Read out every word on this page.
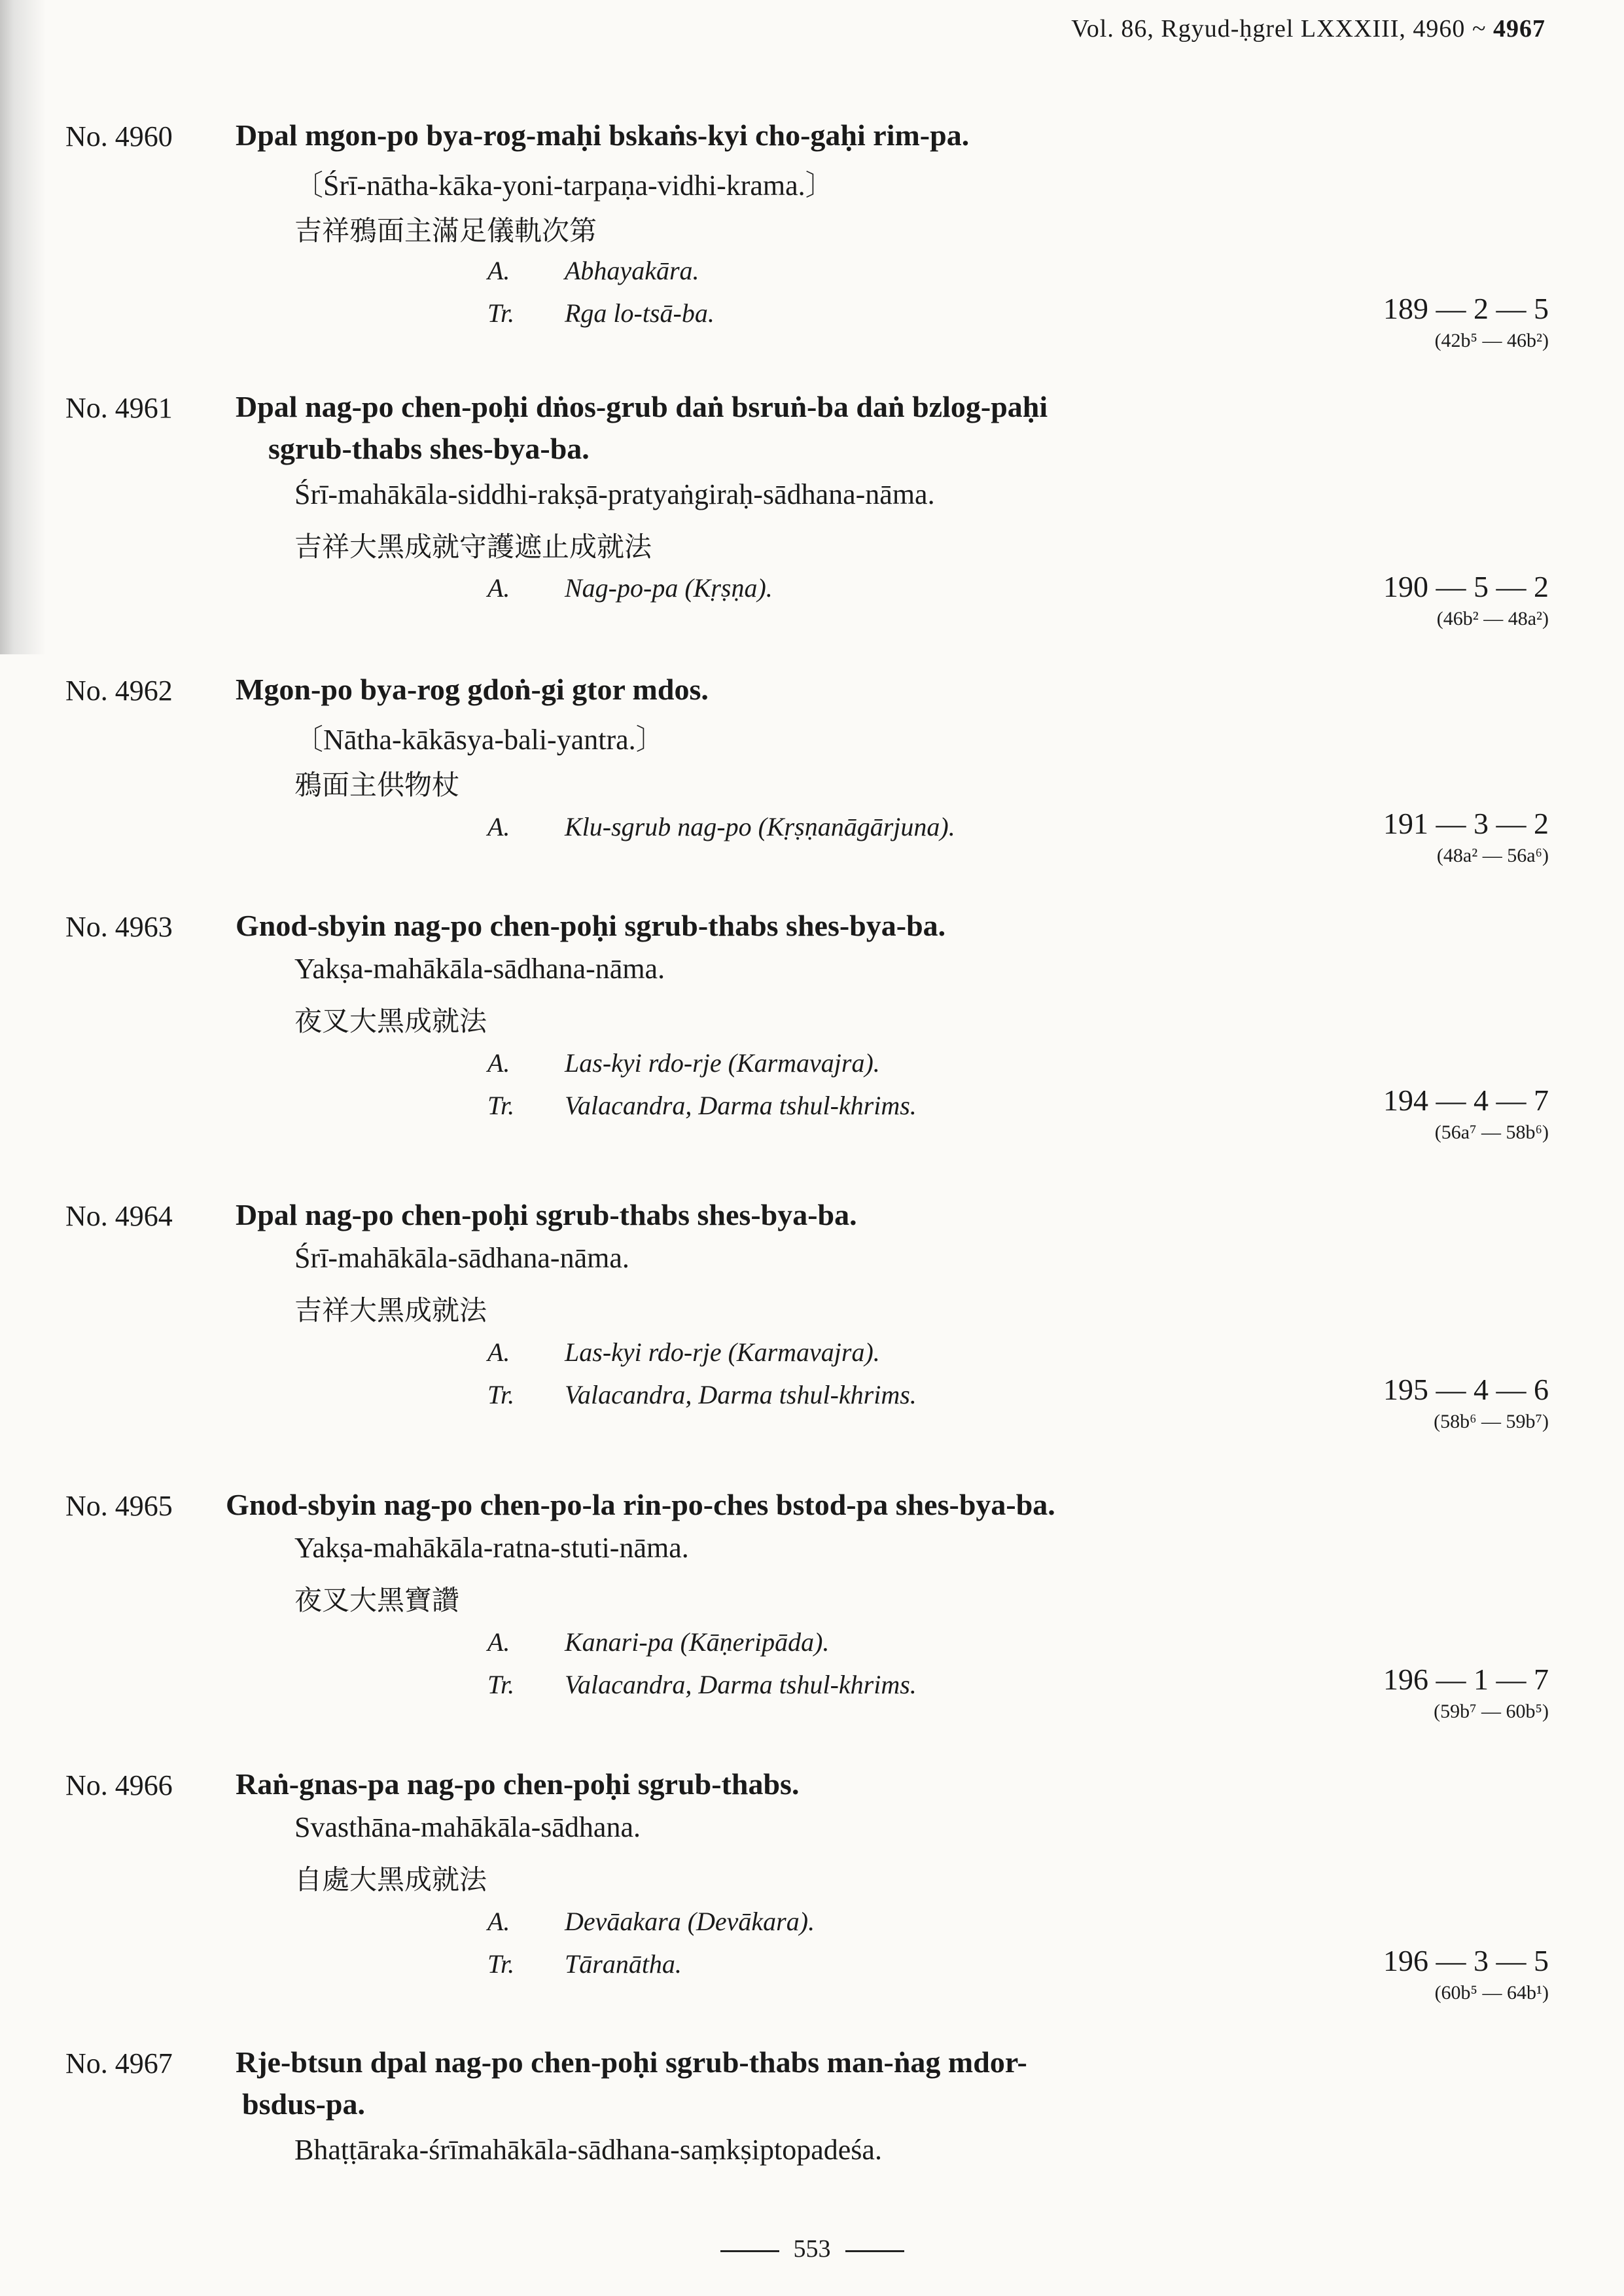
Vol. 86, Rgyud-ḥgrel LXXXIII, 4960 ~ 4967
No. 4960 Dpal mgon-po bya-rog-maḥi bskaṅs-kyi cho-gaḥi rim-pa.
〔Śrī-nātha-kāka-yoni-tarpaṇa-vidhi-krama.〕
吉祥鴉面主滿足儀軌次第
A. Abhayakāra.
Tr. Rga lo-tsā-ba.	189 — 2 — 5
(42b⁵ — 46b²)
No. 4961 Dpal nag-po chen-poḥi dṅos-grub daṅ bsruṅ-ba daṅ bzlog-paḥi
sgrub-thabs shes-bya-ba.
Śrī-mahākāla-siddhi-rakṣā-pratyaṅgiraḥ-sādhana-nāma.
吉祥大黑成就守護遮止成就法
A. Nag-po-pa (Kṛṣṇa).	190 — 5 — 2
(46b² — 48a²)
No. 4962 Mgon-po bya-rog gdoṅ-gi gtor mdos.
〔Nātha-kākāsya-bali-yantra.〕
鴉面主供物杖
A. Klu-sgrub nag-po (Kṛṣṇanāgārjuna).	191 — 3 — 2
(48a² — 56a⁶)
No. 4963 Gnod-sbyin nag-po chen-poḥi sgrub-thabs shes-bya-ba.
Yakṣa-mahākāla-sādhana-nāma.
夜叉大黑成就法
A. Las-kyi rdo-rje (Karmavajra).
Tr. Valacandra, Darma tshul-khrims.	194 — 4 — 7
(56a⁷ — 58b⁶)
No. 4964 Dpal nag-po chen-poḥi sgrub-thabs shes-bya-ba.
Śrī-mahākāla-sādhana-nāma.
吉祥大黑成就法
A. Las-kyi rdo-rje (Karmavajra).
Tr. Valacandra, Darma tshul-khrims.	195 — 4 — 6
(58b⁶ — 59b⁷)
No. 4965 Gnod-sbyin nag-po chen-po-la rin-po-ches bstod-pa shes-bya-ba.
Yakṣa-mahākāla-ratna-stuti-nāma.
夜叉大黑寶讚
A. Kanari-pa (Kāṇeripāda).
Tr. Valacandra, Darma tshul-khrims.	196 — 1 — 7
(59b⁷ — 60b⁵)
No. 4966 Raṅ-gnas-pa nag-po chen-poḥi sgrub-thabs.
Svasthāna-mahākāla-sādhana.
自處大黑成就法
A. Devāakara (Devākara).
Tr. Tāranātha.	196 — 3 — 5
(60b⁵ — 64b¹)
No. 4967 Rje-btsun dpal nag-po chen-poḥi sgrub-thabs man-ṅag mdor-
bsdus-pa.
Bhaṭṭāraka-śrīmahākāla-sādhana-saṃkṣiptopadeśa.
553
